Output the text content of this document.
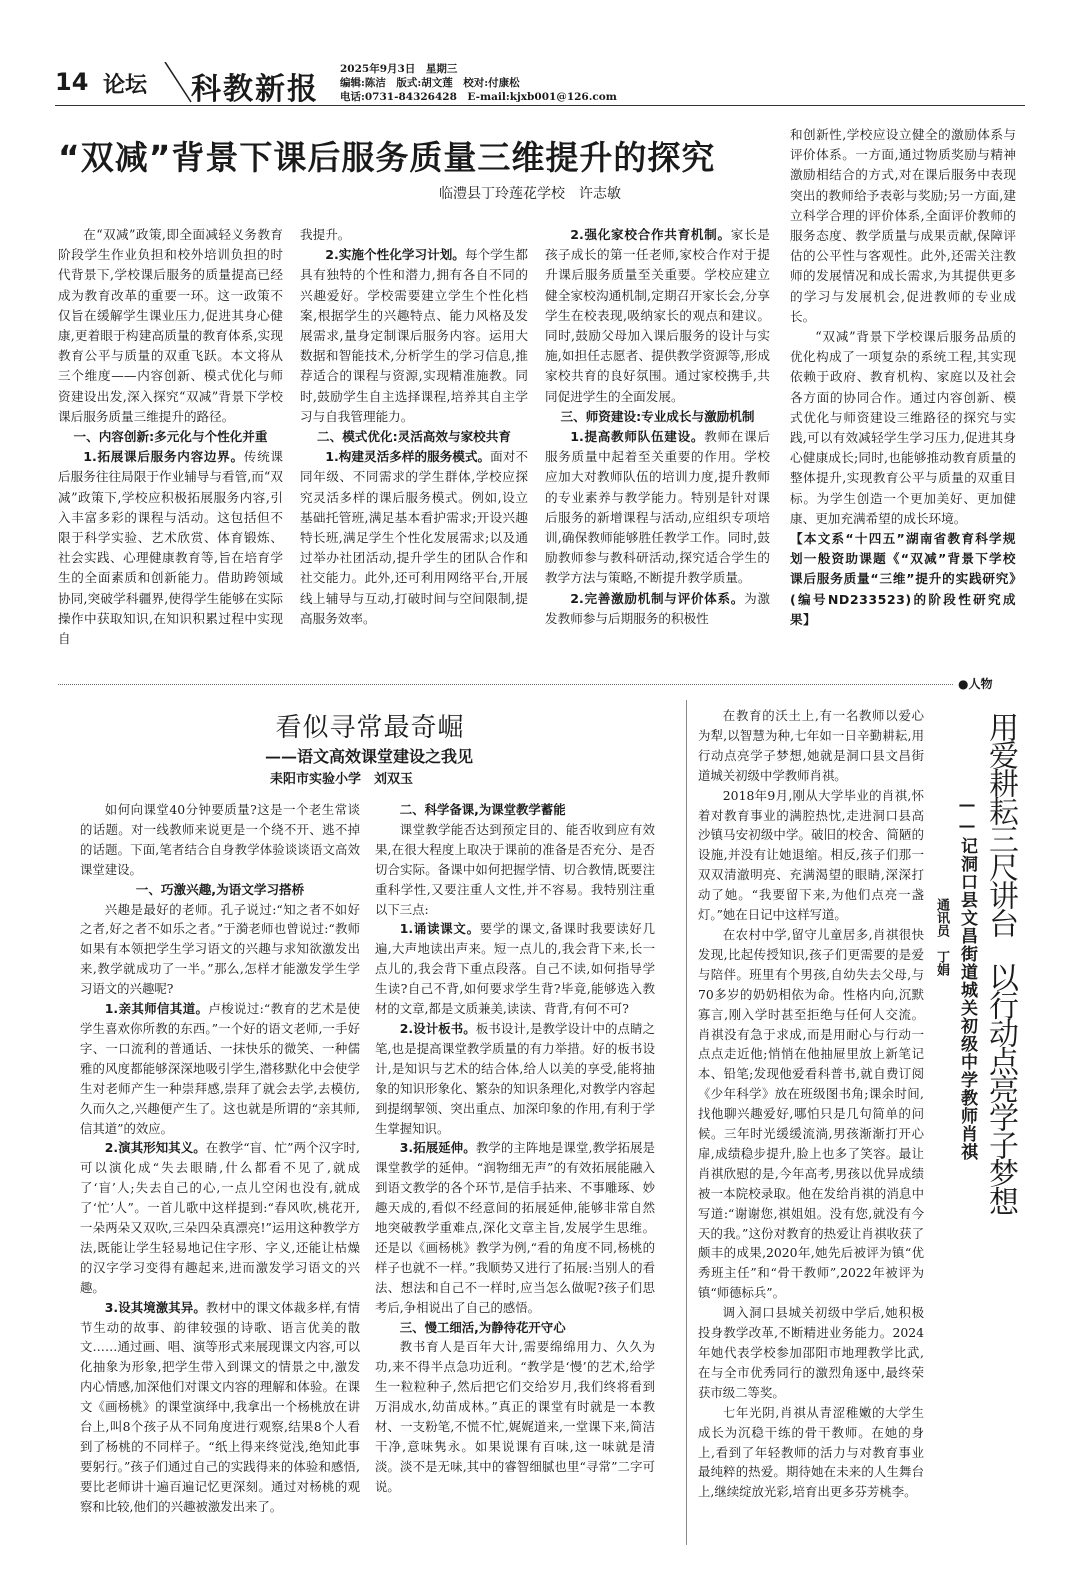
14 论坛 科教新报
2025年9月3日　星期三
编辑:陈洁　版式:胡文莲　校对:付康松
电话:0731-84326428　E-mail:kjxb001@126.com
“双减”背景下课后服务质量三维提升的探究
临澧县丁玲莲花学校　许志敏

在“双减”政策,即全面减轻义务教育阶段学生作业负担和校外培训负担的时代背景下,学校课后服务的质量提高已经成为教育改革的重要一环。这一政策不仅旨在缓解学生课业压力,促进其身心健康,更着眼于构建高质量的教育体系,实现教育公平与质量的双重飞跃。本文将从三个维度——内容创新、模式优化与师资建设出发,深入探究“双减”背景下学校课后服务质量三维提升的路径。

一、内容创新:多元化与个性化并重

1.拓展课后服务内容边界。传统课后服务往往局限于作业辅导与看管,而“双减”政策下,学校应积极拓展服务内容,引入丰富多彩的课程与活动。这包括但不限于科学实验、艺术欣赏、体育锻炼、社会实践、心理健康教育等,旨在培育学生的全面素质和创新能力。借助跨领域协同,突破学科疆界,使得学生能够在实际操作中获取知识,在知识积累过程中实现自

我提升。

2.实施个性化学习计划。每个学生都具有独特的个性和潜力,拥有各自不同的兴趣爱好。学校需要建立学生个性化档案,根据学生的兴趣特点、能力风格及发展需求,量身定制课后服务内容。运用大数据和智能技术,分析学生的学习信息,推荐适合的课程与资源,实现精准施教。同时,鼓励学生自主选择课程,培养其自主学习与自我管理能力。

二、模式优化:灵活高效与家校共育

1.构建灵活多样的服务模式。面对不同年级、不同需求的学生群体,学校应探究灵活多样的课后服务模式。例如,设立基础托管班,满足基本看护需求;开设兴趣特长班,满足学生个性化发展需求;以及通过举办社团活动,提升学生的团队合作和社交能力。此外,还可利用网络平台,开展线上辅导与互动,打破时间与空间限制,提高服务效率。

2.强化家校合作共育机制。家长是孩子成长的第一任老师,家校合作对于提升课后服务质量至关重要。学校应建立健全家校沟通机制,定期召开家长会,分享学生在校表现,吸纳家长的观点和建议。同时,鼓励父母加入课后服务的设计与实施,如担任志愿者、提供教学资源等,形成家校共育的良好氛围。通过家校携手,共同促进学生的全面发展。

三、师资建设:专业成长与激励机制

1.提高教师队伍建设。教师在课后服务质量中起着至关重要的作用。学校应加大对教师队伍的培训力度,提升教师的专业素养与教学能力。特别是针对课后服务的新增课程与活动,应组织专项培训,确保教师能够胜任教学工作。同时,鼓励教师参与教科研活动,探究适合学生的教学方法与策略,不断提升教学质量。

2.完善激励机制与评价体系。为激发教师参与后期服务的积极性

和创新性,学校应设立健全的激励体系与评价体系。一方面,通过物质奖励与精神激励相结合的方式,对在课后服务中表现突出的教师给予表彰与奖励;另一方面,建立科学合理的评价体系,全面评价教师的服务态度、教学质量与成果贡献,保障评估的公平性与客观性。此外,还需关注教师的发展情况和成长需求,为其提供更多的学习与发展机会,促进教师的专业成长。

“双减”背景下学校课后服务品质的优化构成了一项复杂的系统工程,其实现依赖于政府、教育机构、家庭以及社会各方面的协同合作。通过内容创新、模式优化与师资建设三维路径的探究与实践,可以有效减轻学生学习压力,促进其身心健康成长;同时,也能够推动教育质量的整体提升,实现教育公平与质量的双重目标。为学生创造一个更加美好、更加健康、更加充满希望的成长环境。

【本文系“十四五”湖南省教育科学规划一般资助课题《“双减”背景下学校课后服务质量“三维”提升的实践研究》(编号ND233523)的阶段性研究成果】

●人物
看似寻常最奇崛
——语文高效课堂建设之我见
耒阳市实验小学　刘双玉

如何向课堂40分钟要质量?这是一个老生常谈的话题。对一线教师来说更是一个绕不开、逃不掉的话题。下面,笔者结合自身教学体验谈谈语文高效课堂建设。

一、巧激兴趣,为语文学习搭桥

兴趣是最好的老师。孔子说过:“知之者不如好之者,好之者不如乐之者。”于漪老师也曾说过:“教师如果有本领把学生学习语文的兴趣与求知欲激发出来,教学就成功了一半。”那么,怎样才能激发学生学习语文的兴趣呢?

1.亲其师信其道。卢梭说过:“教育的艺术是使学生喜欢你所教的东西。”一个好的语文老师,一手好字、一口流利的普通话、一抹快乐的微笑、一种儒雅的风度都能够深深地吸引学生,潜移默化中会使学生对老师产生一种崇拜感,崇拜了就会去学,去模仿,久而久之,兴趣便产生了。这也就是所谓的“亲其师,信其道”的效应。

2.演其形知其义。在教学“盲、忙”两个汉字时,可以演化成“失去眼睛,什么都看不见了,就成了‘盲’人;失去自己的心,一点儿空闲也没有,就成了‘忙’人”。一首儿歌中这样提到:“春风吹,桃花开,一朵两朵又双吹,三朵四朵真漂亮!”运用这种教学方法,既能让学生轻易地记住字形、字义,还能让枯燥的汉字学习变得有趣起来,进而激发学习语文的兴趣。

3.设其境激其异。教材中的课文体裁多样,有情节生动的故事、韵律较强的诗歌、语言优美的散文……通过画、唱、演等形式来展现课文内容,可以化抽象为形象,把学生带入到课文的情景之中,激发内心情感,加深他们对课文内容的理解和体验。在课文《画杨桃》的课堂演绎中,我拿出一个杨桃放在讲台上,叫8个孩子从不同角度进行观察,结果8个人看到了杨桃的不同样子。“纸上得来终觉浅,绝知此事要躬行。”孩子们通过自己的实践得来的体验和感悟,要比老师讲十遍百遍记忆更深刻。通过对杨桃的观察和比较,他们的兴趣被激发出来了。

二、科学备课,为课堂教学蓄能

课堂教学能否达到预定目的、能否收到应有效果,在很大程度上取决于课前的准备是否充分、是否切合实际。备课中如何把握学情、切合教情,既要注重科学性,又要注重人文性,并不容易。我特别注重以下三点:

1.诵读课文。要学的课文,备课时我要读好几遍,大声地读出声来。短一点儿的,我会背下来,长一点儿的,我会背下重点段落。自己不读,如何指导学生读?自己不背,如何要求学生背?毕竟,能够选入教材的文章,都是文质兼美,读读、背背,有何不可?

2.设计板书。板书设计,是教学设计中的点睛之笔,也是提高课堂教学质量的有力举措。好的板书设计,是知识与艺术的结合体,给人以美的享受,能将抽象的知识形象化、繁杂的知识条理化,对教学内容起到提纲挈领、突出重点、加深印象的作用,有利于学生掌握知识。

3.拓展延伸。教学的主阵地是课堂,教学拓展是课堂教学的延伸。“润物细无声”的有效拓展能融入到语文教学的各个环节,是信手拈来、不事雕琢、妙趣天成的,看似不经意间的拓展延伸,能够非常自然地突破教学重难点,深化文章主旨,发展学生思维。还是以《画杨桃》教学为例,“看的角度不同,杨桃的样子也就不一样。”我顺势又进行了拓展:当别人的看法、想法和自己不一样时,应当怎么做呢?孩子们思考后,争相说出了自己的感悟。

三、慢工细活,为静待花开守心

教书育人是百年大计,需要绵绵用力、久久为功,来不得半点急功近利。“教学是‘慢’的艺术,给学生一粒粒种子,然后把它们交给岁月,我们终将看到万涓成水,幼苗成林。”真正的课堂有时就是一本教材、一支粉笔,不慌不忙,娓娓道来,一堂课下来,简洁干净,意味隽永。如果说课有百味,这一味就是清淡。淡不是无味,其中的睿智细腻也里“寻常”二字可说。

在教育的沃土上,有一名教师以爱心为犁,以智慧为种,七年如一日辛勤耕耘,用行动点亮学子梦想,她就是洞口县文昌街道城关初级中学教师肖祺。

2018年9月,刚从大学毕业的肖祺,怀着对教育事业的满腔热忱,走进洞口县高沙镇马安初级中学。破旧的校舍、简陋的设施,并没有让她退缩。相反,孩子们那一双双清澈明亮、充满渴望的眼睛,深深打动了她。“我要留下来,为他们点亮一盏灯。”她在日记中这样写道。

在农村中学,留守儿童居多,肖祺很快发现,比起传授知识,孩子们更需要的是爱与陪伴。班里有个男孩,自幼失去父母,与70多岁的奶奶相依为命。性格内向,沉默寡言,刚入学时甚至拒绝与任何人交流。肖祺没有急于求成,而是用耐心与行动一点点走近他;悄悄在他抽屉里放上新笔记本、铅笔;发现他爱看科普书,就自费订阅《少年科学》放在班级图书角;课余时间,找他聊兴趣爱好,哪怕只是几句简单的问候。三年时光缓缓流淌,男孩渐渐打开心扉,成绩稳步提升,脸上也多了笑容。最让肖祺欣慰的是,今年高考,男孩以优异成绩被一本院校录取。他在发给肖祺的消息中写道:“谢谢您,祺姐姐。没有您,就没有今天的我。”这份对教育的热爱让肖祺收获了颇丰的成果,2020年,她先后被评为镇“优秀班主任”和“骨干教师”,2022年被评为镇“师德标兵”。

调入洞口县城关初级中学后,她积极投身教学改革,不断精进业务能力。2024年她代表学校参加邵阳市地理教学比武,在与全市优秀同行的激烈角逐中,最终荣获市级二等奖。

七年光阴,肖祺从青涩稚嫩的大学生成长为沉稳干练的骨干教师。在她的身上,看到了年轻教师的活力与对教育事业最纯粹的热爱。期待她在未来的人生舞台上,继续绽放光彩,培育出更多芬芳桃李。

用爱耕耘三尺讲台
以行动点亮学子梦想
——记洞口县文昌街道城关初级中学教师肖祺
通讯员　丁娟
